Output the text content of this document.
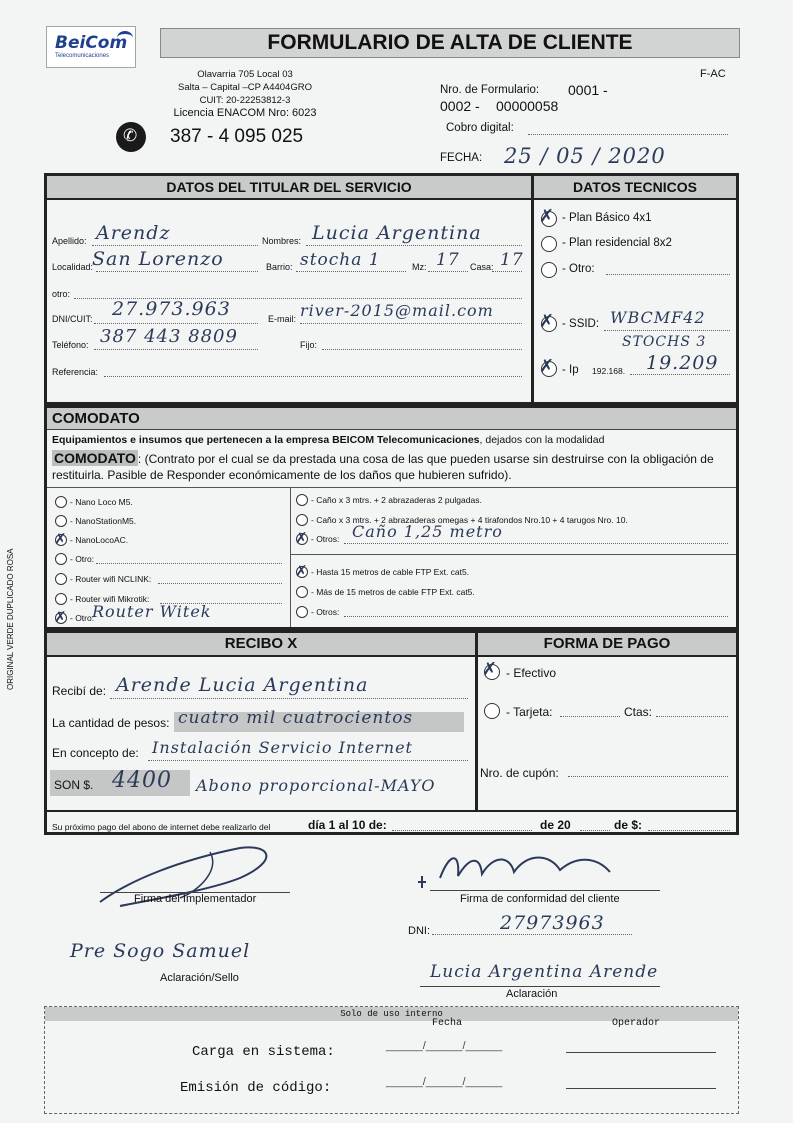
BeiCom
Telecomunicaciones
FORMULARIO DE ALTA DE CLIENTE
F-AC
Olavarria 705 Local 03
Salta – Capital –CP A4404GRO
CUIT: 20-22253812-3
Licencia ENACOM Nro: 6023
✆ 387 - 4 095 025
Nro. de Formulario: 0001 -
0002 - 00000058
Cobro digital:
FECHA: 25 / 05 / 2020
DATOS DEL TITULAR DEL SERVICIO	DATOS TECNICOS
Apellido: Arendz	Nombres: Lucia Argentina
Localidad:
San Lorenzo	Barrio: stocha 1	Mz: 17 Casa: 17
otro:
DNI/CUIT: 27.973.963	E-mail: river-2015@mail.com
Teléfono: 387 443 8809	Fijo:
Referencia:
✗ - Plan Básico 4x1
- Plan residencial 8x2
- Otro:
✗ - SSID: WBCMF42
STOCHS 3
✗ - Ip 192.168. 19.209
COMODATO
Equipamientos e insumos que pertenecen a la empresa BEICOM Telecomunicaciones, dejados con la modalidad
COMODATO : (Contrato por el cual se da prestada una cosa de las que pueden usarse sin destruirse con la obligación de restituirla. Pasible de Responder económicamente de los daños que hubieren sufrido).
- Nano Loco M5.
- NanoStationM5.
✗ - NanoLocoAC.
- Otro:
- Router wifi NCLINK:
- Router wifi Mikrotik:
✗ - Otro:
Router Witek
- Caño x 3 mtrs. + 2 abrazaderas 2 pulgadas.
- Caño x 3 mtrs. + 2 abrazaderas omegas + 4 tirafondos Nro.10 + 4 tarugos Nro. 10.
✗ - Otros: Caño 1,25 metro
✗ - Hasta 15 metros de cable FTP Ext. cat5.
- Más de 15 metros de cable FTP Ext. cat5.
- Otros:
RECIBO X	FORMA DE PAGO
Recibí de: Arende Lucia Argentina
La cantidad de pesos: cuatro mil cuatrocientos
En concepto de: Instalación Servicio Internet
SON $. 4400 Abono proporcional-MAYO
✗ - Efectivo
- Tarjeta:	Ctas:
Nro. de cupón:
Su próximo pago del abono de internet debe realizarlo del	día 1 al 10 de:	de 20	de $:
Firma del Implementador	Firma de conformidad del cliente
DNI:	27973963
Pre Sogo Samuel
Aclaración/Sello	Lucia Argentina Arende
Aclaración
Solo de uso interno
Fecha	Operador
Carga en sistema:	______/______/______
Emisión de código:	______/______/______
ORIGINAL VERDE DUPLICADO ROSA
